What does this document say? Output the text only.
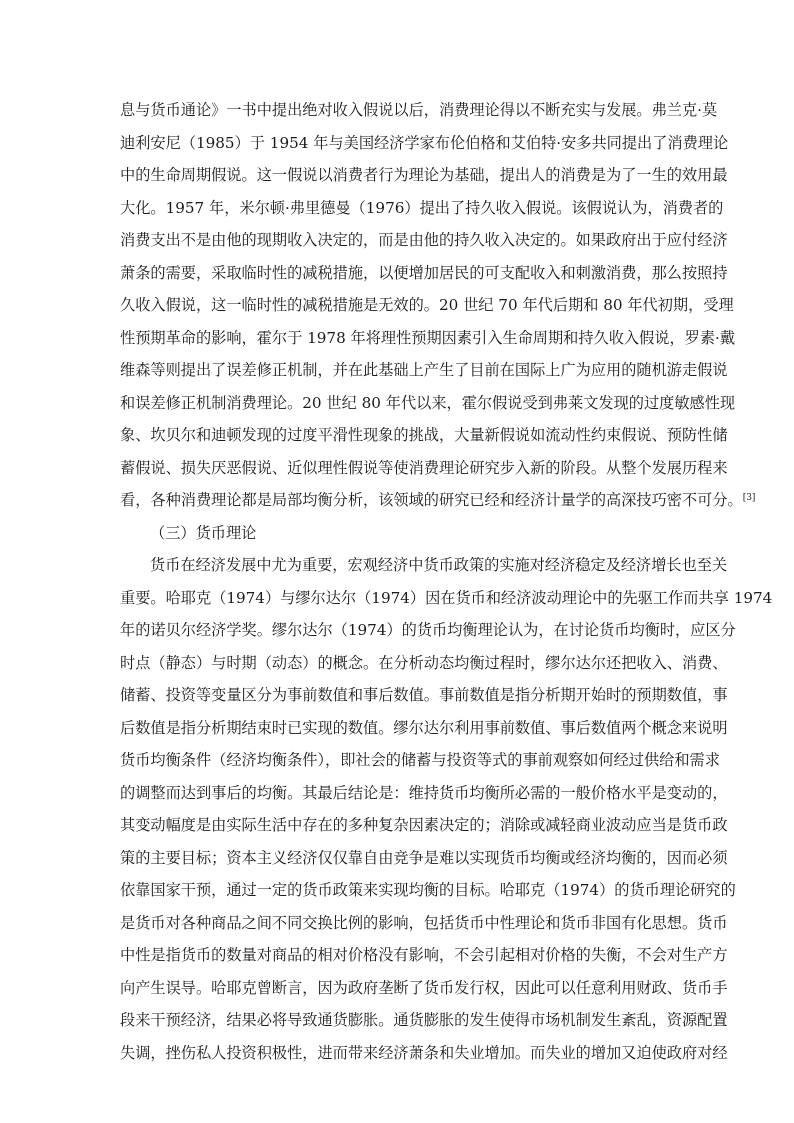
息与货币通论》一书中提出绝对收入假说以后，消费理论得以不断充实与发展。弗兰克·莫
迪利安尼（1985）于 1954 年与美国经济学家布伦伯格和艾伯特·安多共同提出了消费理论
中的生命周期假说。这一假说以消费者行为理论为基础，提出人的消费是为了一生的效用最
大化。1957 年，米尔顿·弗里德曼（1976）提出了持久收入假说。该假说认为，消费者的
消费支出不是由他的现期收入决定的，而是由他的持久收入决定的。如果政府出于应付经济
萧条的需要，采取临时性的减税措施，以便增加居民的可支配收入和刺激消费，那么按照持
久收入假说，这一临时性的减税措施是无效的。20 世纪 70 年代后期和 80 年代初期，受理
性预期革命的影响，霍尔于 1978 年将理性预期因素引入生命周期和持久收入假说，罗素·戴
维森等则提出了误差修正机制，并在此基础上产生了目前在国际上广为应用的随机游走假说
和误差修正机制消费理论。20 世纪 80 年代以来，霍尔假说受到弗莱文发现的过度敏感性现
象、坎贝尔和迪顿发现的过度平滑性现象的挑战，大量新假说如流动性约束假说、预防性储
蓄假说、损失厌恶假说、近似理性假说等使消费理论研究步入新的阶段。从整个发展历程来
看，各种消费理论都是局部均衡分析，该领域的研究已经和经济计量学的高深技巧密不可分。[3]
（三）货币理论
货币在经济发展中尤为重要，宏观经济中货币政策的实施对经济稳定及经济增长也至关
重要。哈耶克（1974）与缪尔达尔（1974）因在货币和经济波动理论中的先驱工作而共享 1974
年的诺贝尔经济学奖。缪尔达尔（1974）的货币均衡理论认为，在讨论货币均衡时，应区分
时点（静态）与时期（动态）的概念。在分析动态均衡过程时，缪尔达尔还把收入、消费、
储蓄、投资等变量区分为事前数值和事后数值。事前数值是指分析期开始时的预期数值，事
后数值是指分析期结束时已实现的数值。缪尔达尔利用事前数值、事后数值两个概念来说明
货币均衡条件（经济均衡条件），即社会的储蓄与投资等式的事前观察如何经过供给和需求
的调整而达到事后的均衡。其最后结论是：维持货币均衡所必需的一般价格水平是变动的，
其变动幅度是由实际生活中存在的多种复杂因素决定的；消除或减轻商业波动应当是货币政
策的主要目标；资本主义经济仅仅靠自由竞争是难以实现货币均衡或经济均衡的，因而必须
依靠国家干预，通过一定的货币政策来实现均衡的目标。哈耶克（1974）的货币理论研究的
是货币对各种商品之间不同交换比例的影响，包括货币中性理论和货币非国有化思想。货币
中性是指货币的数量对商品的相对价格没有影响，不会引起相对价格的失衡，不会对生产方
向产生误导。哈耶克曾断言，因为政府垄断了货币发行权，因此可以任意利用财政、货币手
段来干预经济，结果必将导致通货膨胀。通货膨胀的发生使得市场机制发生紊乱，资源配置
失调，挫伤私人投资积极性，进而带来经济萧条和失业增加。而失业的增加又迫使政府对经
